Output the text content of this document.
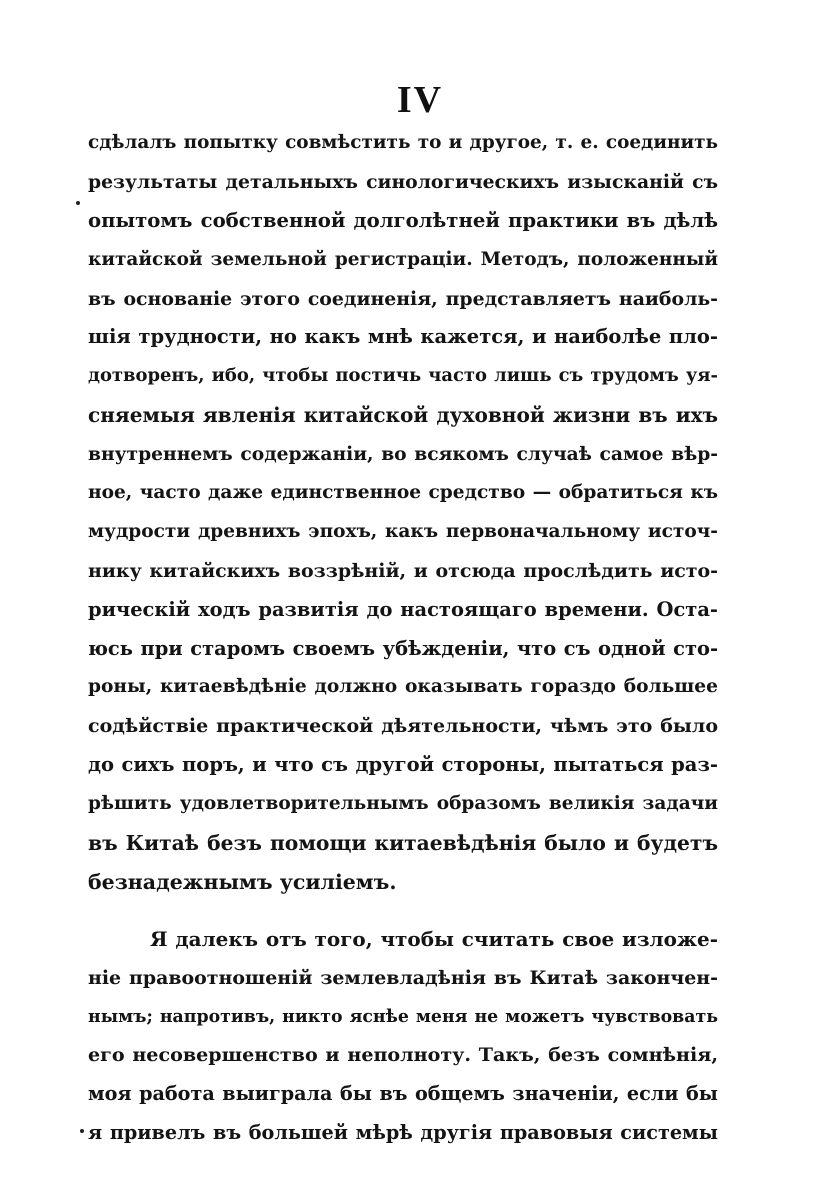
IV
сдѣлалъ попытку совмѣстить то и другое, т. е. соединить
результаты детальныхъ синологическихъ изысканій съ
опытомъ собственной долголѣтней практики въ дѣлѣ
китайской земельной регистраціи. Методъ, положенный
въ основаніе этого соединенія, представляетъ наиболь-
шія трудности, но какъ мнѣ кажется, и наиболѣе пло-
дотворенъ, ибо, чтобы постичь часто лишь съ трудомъ уя-
сняемыя явленія китайской духовной жизни въ ихъ
внутреннемъ содержаніи, во всякомъ случаѣ самое вѣр-
ное, часто даже единственное средство — обратиться къ
мудрости древнихъ эпохъ, какъ первоначальному источ-
нику китайскихъ воззрѣній, и отсюда прослѣдить исто-
рическій ходъ развитія до настоящаго времени. Оста-
юсь при старомъ своемъ убѣжденіи, что съ одной сто-
роны, китаевѣдѣніе должно оказывать гораздо большее
содѣйствіе практической дѣятельности, чѣмъ это было
до сихъ поръ, и что съ другой стороны, пытаться раз-
рѣшить удовлетворительнымъ образомъ великія задачи
въ Китаѣ безъ помощи китаевѣдѣнія было и будетъ
безнадежнымъ усиліемъ.
Я далекъ отъ того, чтобы считать свое изложе-
ніе правоотношеній землевладѣнія въ Китаѣ закончен-
нымъ; напротивъ, никто яснѣе меня не можетъ чувствовать
его несовершенство и неполноту. Такъ, безъ сомнѣнія,
моя работа выиграла бы въ общемъ значеніи, если бы
я привелъ въ большей мѣрѣ другія правовыя системы
